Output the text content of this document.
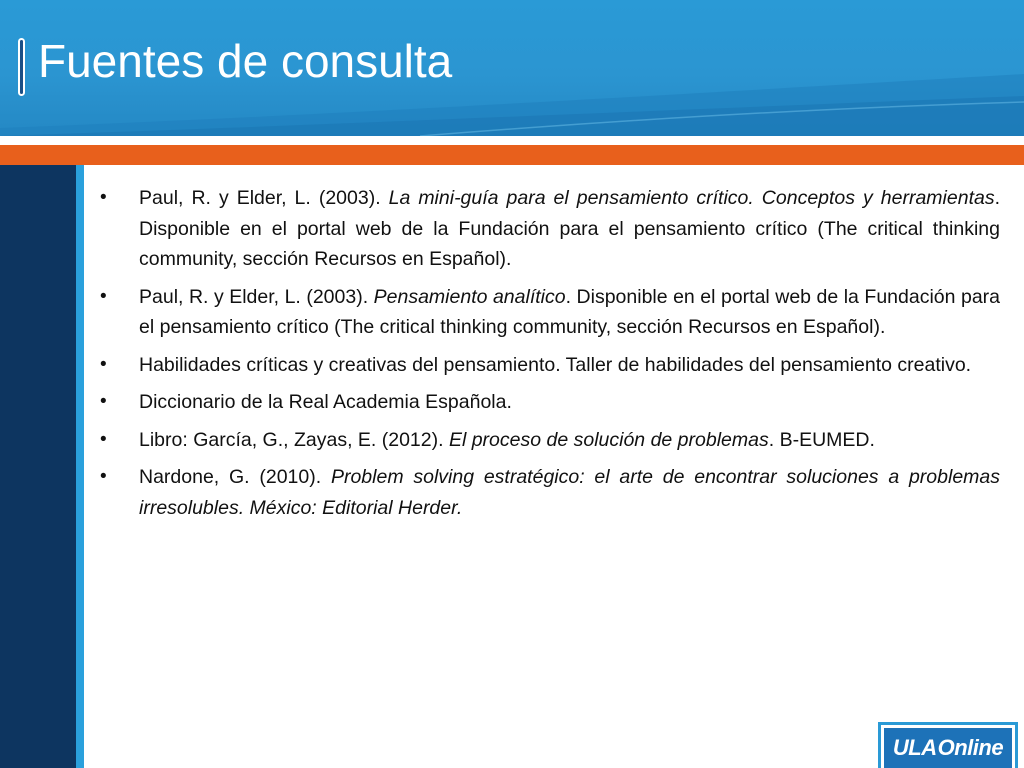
Fuentes de consulta
•	Paul, R. y Elder, L. (2003). La mini-guía para el pensamiento crítico. Conceptos y herramientas. Disponible en el portal web de la Fundación para el pensamiento crítico (The critical thinking community, sección Recursos en Español).
•	Paul, R. y Elder, L. (2003). Pensamiento analítico. Disponible en el portal web de la Fundación para el pensamiento crítico (The critical thinking community, sección Recursos en Español).
•	Habilidades críticas y creativas del pensamiento. Taller de habilidades del pensamiento creativo.
•	Diccionario de la Real Academia Española.
•	Libro: García, G., Zayas, E. (2012). El proceso de solución de problemas. B-EUMED.
•	Nardone, G. (2010). Problem solving estratégico: el arte de encontrar soluciones a problemas irresolubles. México: Editorial Herder.
ULA Online
